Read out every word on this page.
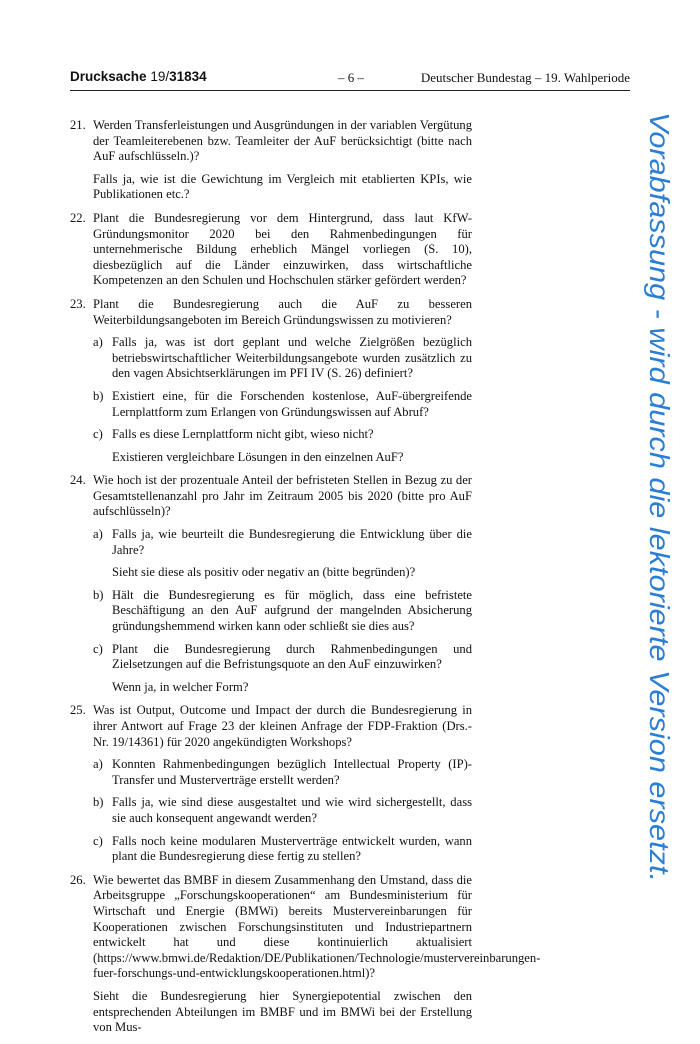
Drucksache 19/31834	– 6 –	Deutscher Bundestag – 19. Wahlperiode
21. Werden Transferleistungen und Ausgründungen in der variablen Vergütung der Teamleiterebenen bzw. Teamleiter der AuF berücksichtigt (bitte nach AuF aufschlüsseln.)?
Falls ja, wie ist die Gewichtung im Vergleich mit etablierten KPIs, wie Publikationen etc.?
22. Plant die Bundesregierung vor dem Hintergrund, dass laut KfW-Gründungsmonitor 2020 bei den Rahmenbedingungen für unternehmerische Bildung erheblich Mängel vorliegen (S. 10), diesbezüglich auf die Länder einzuwirken, dass wirtschaftliche Kompetenzen an den Schulen und Hochschulen stärker gefördert werden?
23. Plant die Bundesregierung auch die AuF zu besseren Weiterbildungsangeboten im Bereich Gründungswissen zu motivieren?
a) Falls ja, was ist dort geplant und welche Zielgrößen bezüglich betriebswirtschaftlicher Weiterbildungsangebote wurden zusätzlich zu den vagen Absichtserklärungen im PFI IV (S. 26) definiert?
b) Existiert eine, für die Forschenden kostenlose, AuF-übergreifende Lernplattform zum Erlangen von Gründungswissen auf Abruf?
c) Falls es diese Lernplattform nicht gibt, wieso nicht?
Existieren vergleichbare Lösungen in den einzelnen AuF?
24. Wie hoch ist der prozentuale Anteil der befristeten Stellen in Bezug zu der Gesamtstellenanzahl pro Jahr im Zeitraum 2005 bis 2020 (bitte pro AuF aufschlüsseln)?
a) Falls ja, wie beurteilt die Bundesregierung die Entwicklung über die Jahre?
Sieht sie diese als positiv oder negativ an (bitte begründen)?
b) Hält die Bundesregierung es für möglich, dass eine befristete Beschäftigung an den AuF aufgrund der mangelnden Absicherung gründungshemmend wirken kann oder schließt sie dies aus?
c) Plant die Bundesregierung durch Rahmenbedingungen und Zielsetzungen auf die Befristungsquote an den AuF einzuwirken?
Wenn ja, in welcher Form?
25. Was ist Output, Outcome und Impact der durch die Bundesregierung in ihrer Antwort auf Frage 23 der kleinen Anfrage der FDP-Fraktion (Drs.-Nr. 19/14361) für 2020 angekündigten Workshops?
a) Konnten Rahmenbedingungen bezüglich Intellectual Property (IP)-Transfer und Musterverträge erstellt werden?
b) Falls ja, wie sind diese ausgestaltet und wie wird sichergestellt, dass sie auch konsequent angewandt werden?
c) Falls noch keine modularen Musterverträge entwickelt wurden, wann plant die Bundesregierung diese fertig zu stellen?
26. Wie bewertet das BMBF in diesem Zusammenhang den Umstand, dass die Arbeitsgruppe „Forschungskooperationen“ am Bundesministerium für Wirtschaft und Energie (BMWi) bereits Mustervereinbarungen für Kooperationen zwischen Forschungsinstituten und Industriepartnern entwickelt hat und diese kontinuierlich aktualisiert (https://www.bmwi.de/Redaktion/DE/Publikationen/Technologie/mustervereinbarungen-fuer-forschungs-und-entwicklungskooperationen.html)?
Sieht die Bundesregierung hier Synergiepotential zwischen den entsprechenden Abteilungen im BMBF und im BMWi bei der Erstellung von Mus-
Vorabfassung - wird durch die lektorierte Version ersetzt.
